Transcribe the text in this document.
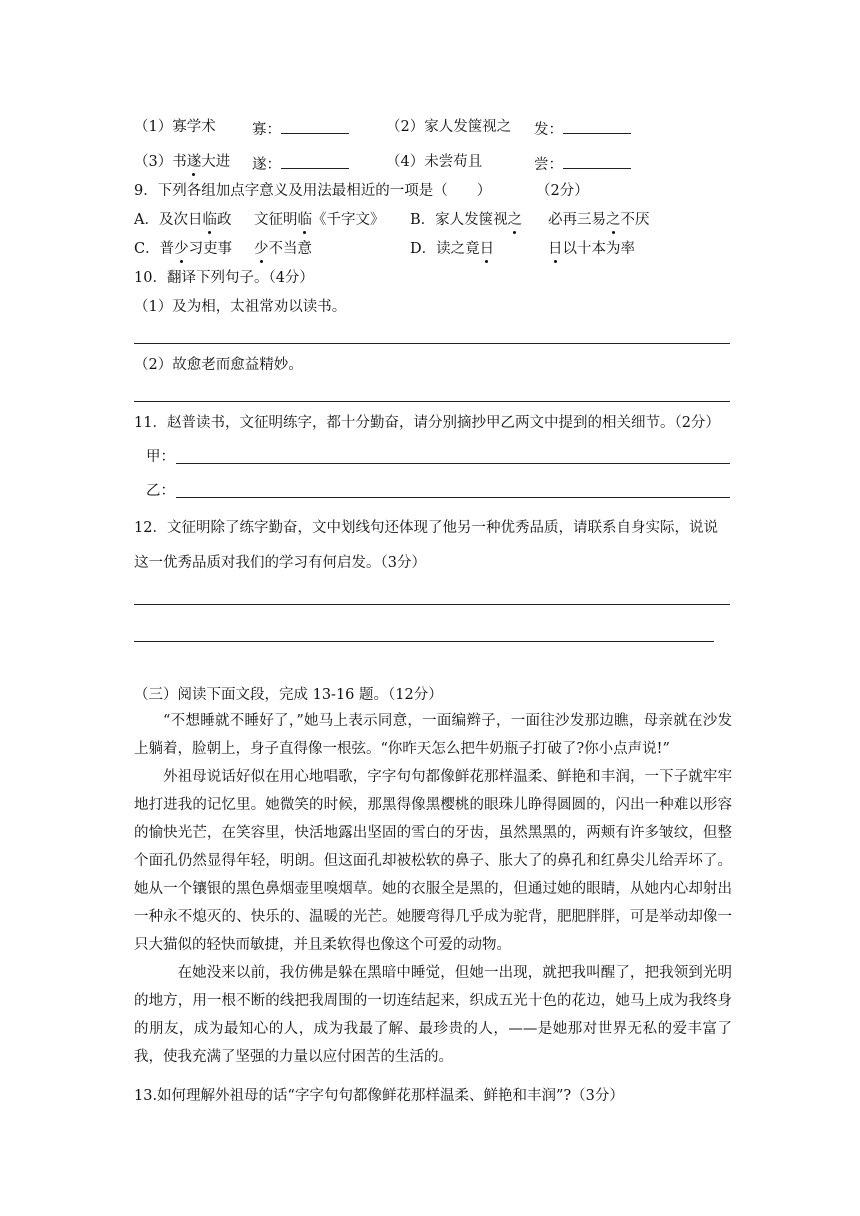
（1）寡学术	寡：	（2）家人发箧视之 发：
（3）书遂大进 遂：	（4）未尝苟且	尝：
9．下列各组加点字意义及用法最相近的一项是（　　）	（2分）
A．及次日临政 文征明临《千字文》 B．家人发箧视之 必再三易之不厌
C．普少习吏事 少不当意	D．读之竟日	日以十本为率
10．翻译下列句子。（4分）
（1）及为相，太祖常劝以读书。
（2）故愈老而愈益精妙。
11．赵普读书，文征明练字，都十分勤奋，请分别摘抄甲乙两文中提到的相关细节。（2分）
甲：
乙：
12．文征明除了练字勤奋，文中划线句还体现了他另一种优秀品质，请联系自身实际，说说
这一优秀品质对我们的学习有何启发。（3分）
（三）阅读下面文段，完成 13-16 题。（12分）

“不想睡就不睡好了，”她马上表示同意，一面编辫子，一面往沙发那边瞧，母亲就在沙发上躺着，脸朝上，身子直得像一根弦。“你昨天怎么把牛奶瓶子打破了?你小点声说!”

外祖母说话好似在用心地唱歌，字字句句都像鲜花那样温柔、鲜艳和丰润，一下子就牢牢地打进我的记忆里。她微笑的时候，那黑得像黑樱桃的眼珠儿睁得圆圆的，闪出一种难以形容的愉快光芒，在笑容里，快活地露出坚固的雪白的牙齿，虽然黑黑的，两颊有许多皱纹，但整个面孔仍然显得年轻，明朗。但这面孔却被松软的鼻子、胀大了的鼻孔和红鼻尖儿给弄坏了。她从一个镶银的黑色鼻烟壶里嗅烟草。她的衣服全是黑的，但通过她的眼睛，从她内心却射出一种永不熄灭的、快乐的、温暖的光芒。她腰弯得几乎成为驼背，肥肥胖胖，可是举动却像一只大猫似的轻快而敏捷，并且柔软得也像这个可爱的动物。

在她没来以前，我仿佛是躲在黑暗中睡觉，但她一出现，就把我叫醒了，把我领到光明的地方，用一根不断的线把我周围的一切连结起来，织成五光十色的花边，她马上成为我终身的朋友，成为最知心的人，成为我最了解、最珍贵的人，——是她那对世界无私的爱丰富了我，使我充满了坚强的力量以应付困苦的生活的。

13.如何理解外祖母的话“字字句句都像鲜花那样温柔、鲜艳和丰润”?（3分）
